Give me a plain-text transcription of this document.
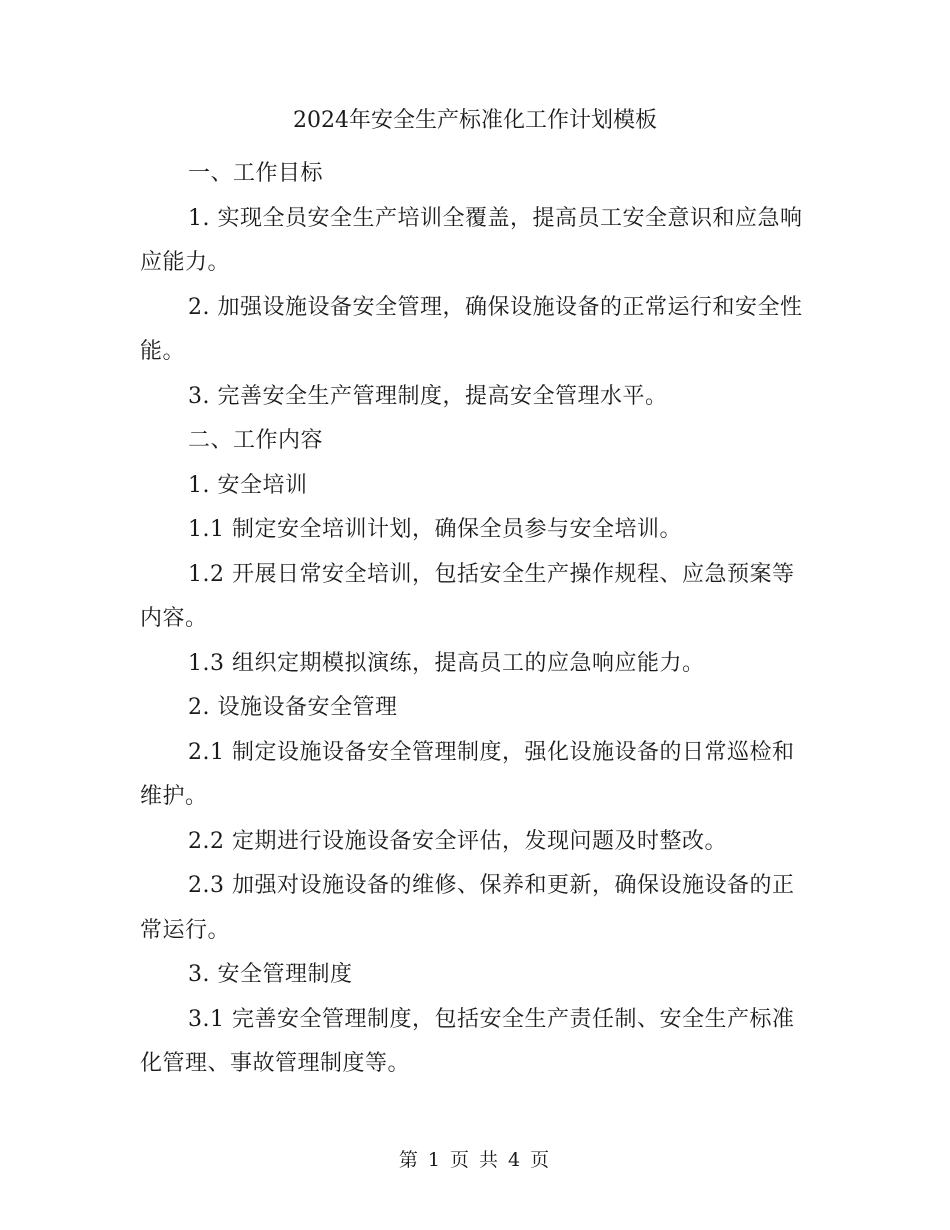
2024年安全生产标准化工作计划模板

一、工作目标

1. 实现全员安全生产培训全覆盖，提高员工安全意识和应急响应能力。

2. 加强设施设备安全管理，确保设施设备的正常运行和安全性能。

3. 完善安全生产管理制度，提高安全管理水平。

二、工作内容

1. 安全培训

1.1 制定安全培训计划，确保全员参与安全培训。

1.2 开展日常安全培训，包括安全生产操作规程、应急预案等内容。

1.3 组织定期模拟演练，提高员工的应急响应能力。

2. 设施设备安全管理

2.1 制定设施设备安全管理制度，强化设施设备的日常巡检和维护。

2.2 定期进行设施设备安全评估，发现问题及时整改。

2.3 加强对设施设备的维修、保养和更新，确保设施设备的正常运行。

3. 安全管理制度

3.1 完善安全管理制度，包括安全生产责任制、安全生产标准化管理、事故管理制度等。

第 1 页 共 4 页
